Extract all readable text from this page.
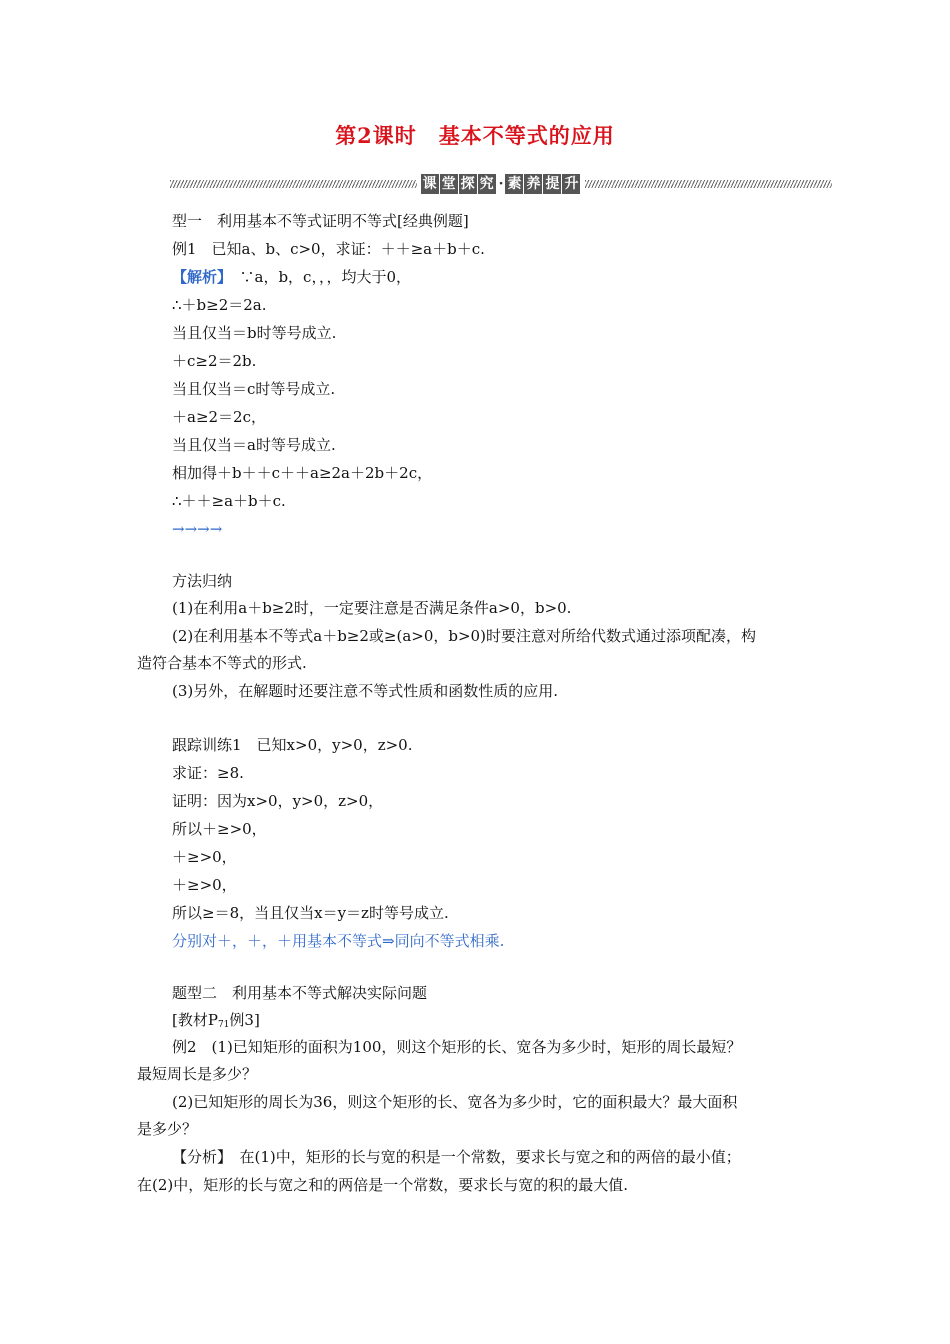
第2课时　基本不等式的应用
课 堂 探 究 · 素 养 提 升
型一　利用基本不等式证明不等式[经典例题]
例1　已知a、b、c>0，求证：＋＋≥a＋b＋c.
【解析】　∵a，b，c，，，均大于0，
∴＋b≥2＝2a.
当且仅当＝b时等号成立.
＋c≥2＝2b.
当且仅当＝c时等号成立.
＋a≥2＝2c，
当且仅当＝a时等号成立.
相加得＋b＋＋c＋＋a≥2a＋2b＋2c，
∴＋＋≥a＋b＋c.
→→→→
方法归纳
(1)在利用a＋b≥2时，一定要注意是否满足条件a>0，b>0.
(2)在利用基本不等式a＋b≥2或≥(a>0，b>0)时要注意对所给代数式通过添项配凑，构
造符合基本不等式的形式.
(3)另外，在解题时还要注意不等式性质和函数性质的应用.
跟踪训练1　已知x>0，y>0，z>0.
求证：≥8.
证明：因为x>0，y>0，z>0，
所以＋≥>0，
＋≥>0，
＋≥>0，
所以≥＝8，当且仅当x＝y＝z时等号成立.
分别对＋，＋，＋用基本不等式⇒同向不等式相乘.
题型二　利用基本不等式解决实际问题
[教材$P_{71}$例3]
例2　(1)已知矩形的面积为100，则这个矩形的长、宽各为多少时，矩形的周长最短？
最短周长是多少？
(2)已知矩形的周长为36，则这个矩形的长、宽各为多少时，它的面积最大？最大面积
是多少？
【分析】　在(1)中，矩形的长与宽的积是一个常数，要求长与宽之和的两倍的最小值；
在(2)中，矩形的长与宽之和的两倍是一个常数，要求长与宽的积的最大值.
